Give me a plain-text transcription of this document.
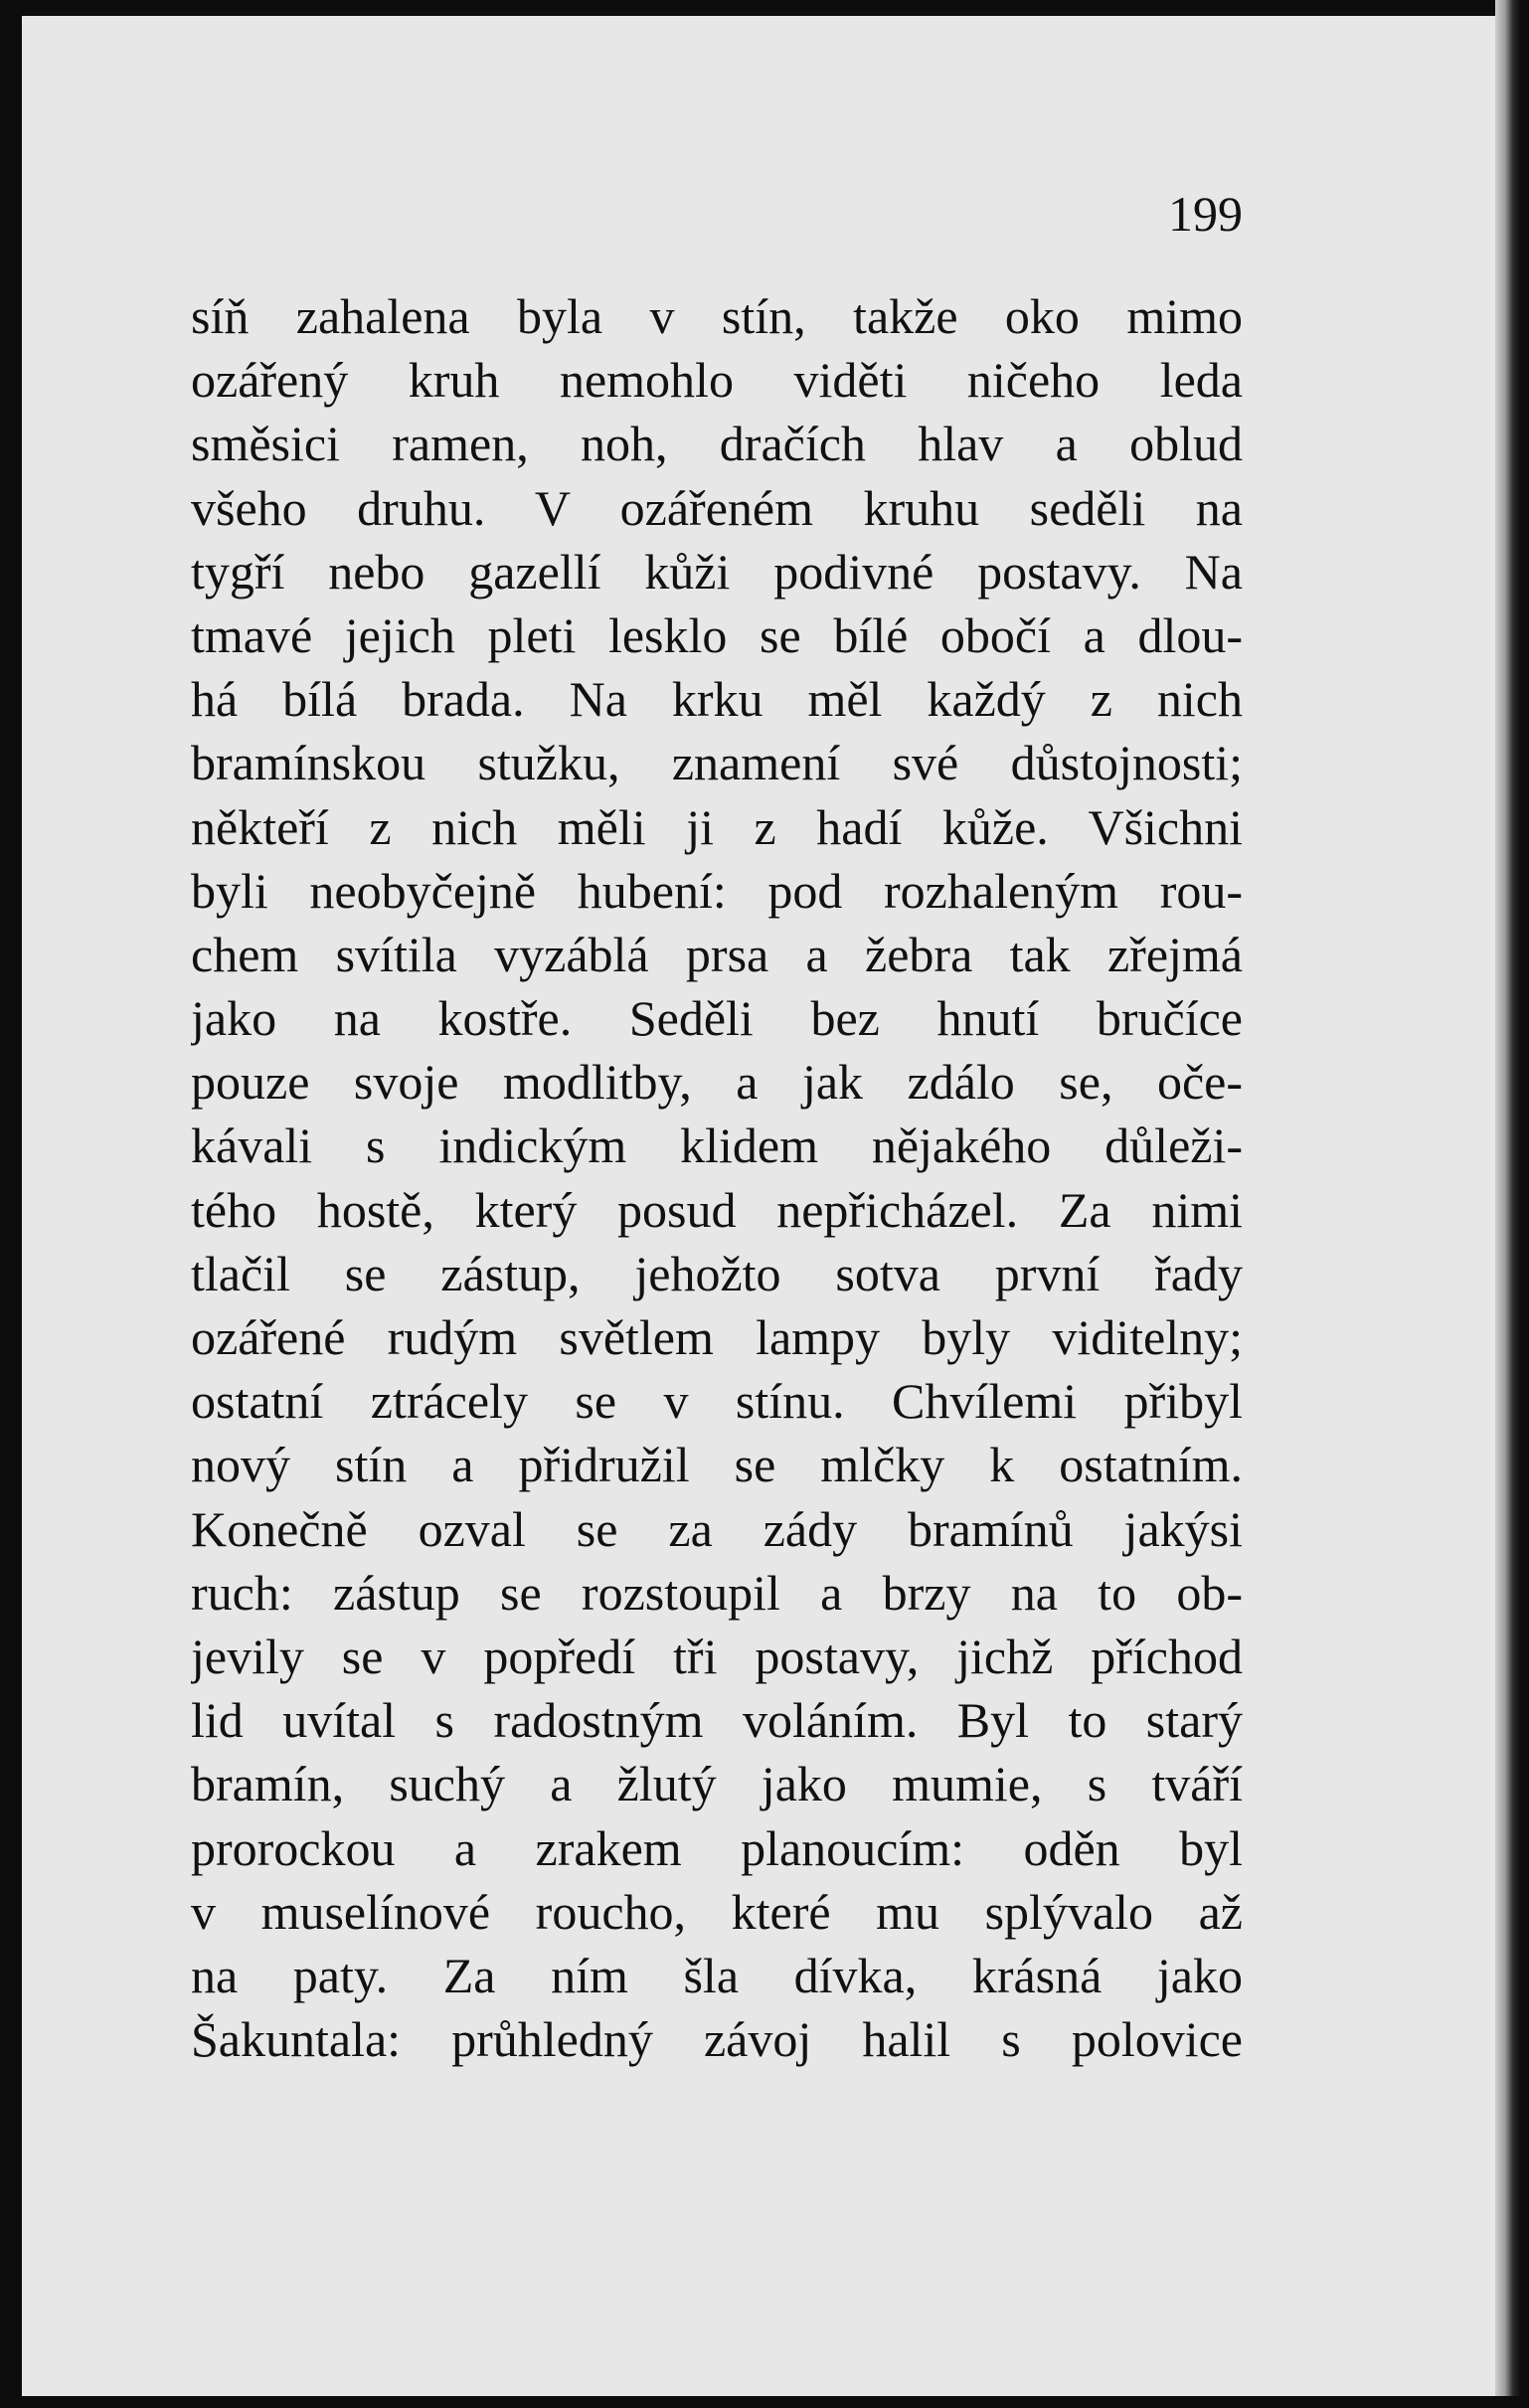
199
síň zahalena byla v stín, takže oko mimo
ozářený kruh nemohlo viděti ničeho leda
směsici ramen, noh, dračích hlav a oblud
všeho druhu. V ozářeném kruhu seděli na
tygří nebo gazellí kůži podivné postavy. Na
tmavé jejich pleti lesklo se bílé obočí a dlou-
há bílá brada. Na krku měl každý z nich
bramínskou stužku, znamení své důstojnosti;
někteří z nich měli ji z hadí kůže. Všichni
byli neobyčejně hubení: pod rozhaleným rou-
chem svítila vyzáblá prsa a žebra tak zřejmá
jako na kostře. Seděli bez hnutí bručíce
pouze svoje modlitby, a jak zdálo se, oče-
kávali s indickým klidem nějakého důleži-
tého hostě, který posud nepřicházel. Za nimi
tlačil se zástup, jehožto sotva první řady
ozářené rudým světlem lampy byly viditelny;
ostatní ztrácely se v stínu. Chvílemi přibyl
nový stín a přidružil se mlčky k ostatním.
Konečně ozval se za zády bramínů jakýsi
ruch: zástup se rozstoupil a brzy na to ob-
jevily se v popředí tři postavy, jichž příchod
lid uvítal s radostným voláním. Byl to starý
bramín, suchý a žlutý jako mumie, s tváří
prorockou a zrakem planoucím: oděn byl
v muselínové roucho, které mu splývalo až
na paty. Za ním šla dívka, krásná jako
Šakuntala: průhledný závoj halil s polovice
